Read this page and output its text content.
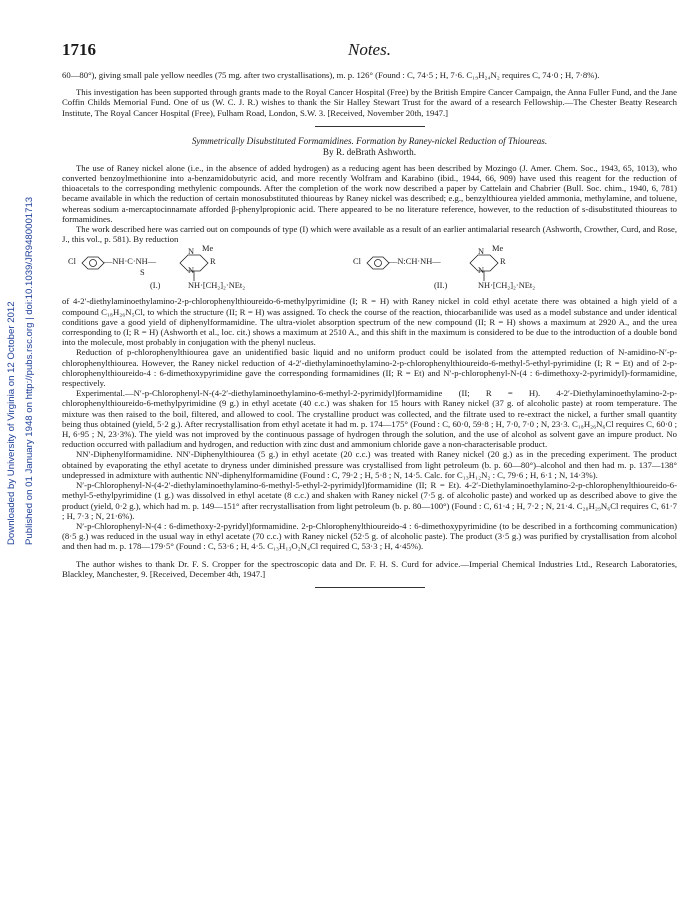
Downloaded by University of Virginia on 12 October 2012 Published on 01 January 1948 on http://pubs.rsc.org | doi:10.1039/JR9480001713
1716	Notes.

60—80°), giving small pale yellow needles (75 mg. after two crystallisations), m. p. 126° (Found : C, 74·5 ; H, 7·6. C₁₉H₂₄N₂ requires C, 74·0 ; H, 7·8%).

This investigation has been supported through grants made to the Royal Cancer Hospital (Free) by the British Empire Cancer Campaign, the Anna Fuller Fund, and the Jane Coffin Childs Memorial Fund. One of us (W. C. J. R.) wishes to thank the Sir Halley Stewart Trust for the award of a research Fellowship.—The Chester Beatty Research Institute, The Royal Cancer Hospital (Free), Fulham Road, London, S.W. 3. [Received, November 20th, 1947.]

Symmetrically Disubstituted Formamidines. Formation by Raney-nickel Reduction of Thioureas.
By R. deBrath Ashworth.

The use of Raney nickel alone (i.e., in the absence of added hydrogen) as a reducing agent has been described by Mozingo (J. Amer. Chem. Soc., 1943, 65, 1013), who converted benzoylmethionine into a-benzamidobutyric acid, and more recently Wolfram and Karabino (ibid., 1944, 66, 909) have used this reagent for the reduction of thioacetals to the corresponding methylenic compounds. After the completion of the work now described a paper by Cattelain and Chabrier (Bull. Soc. chim., 1940, 6, 781) became available in which the reduction of certain monosubstituted thioureas by Raney nickel was described; e.g., benzylthiourea yielded ammonia, methylamine, and toluene, whereas sodium a-mercaptocinnamate afforded β-phenylpropionic acid. There appeared to be no literature reference, however, to the reduction of s-disubstituted thioureas to formamidines.

The work described here was carried out on compounds of type (I) which were available as a result of an earlier antimalarial research (Ashworth, Crowther, Curd, and Rose, J., this vol., p. 581). By reduction

Cl	—NH·C·NH—
S
N Me
N
R
NH·[CH₂]₂·NEt₂
(I.)
Cl	—N:CH·NH—
N Me
N
R
NH·[CH₂]₂·NEt₂
(II.)

of 4-2′-diethylaminoethylamino-2-p-chlorophenylthioureido-6-methylpyrimidine (I; R = H) with Raney nickel in cold ethyl acetate there was obtained a high yield of a compound C₁₈H₂₆N₅Cl, to which the structure (II; R = H) was assigned. To check the course of the reaction, thiocarbanilide was used as a model substance and under identical conditions gave a good yield of diphenylformamidine. The ultra-violet absorption spectrum of the new compound (II; R = H) shows a maximum at 2920 A., and the urea corresponding to (I; R = H) (Ashworth et al., loc. cit.) shows a maximum at 2510 A., and this shift in the maximum is considered to be due to the introduction of a double bond into the molecule, most probably in conjugation with the phenyl nucleus.

Reduction of p-chlorophenylthiourea gave an unidentified basic liquid and no uniform product could be isolated from the attempted reduction of N-amidino-N′-p-chlorophenylthiourea. However, the Raney nickel reduction of 4-2′-diethylaminoethylamino-2-p-chlorophenylthioureido-6-methyl-5-ethyl-pyrimidine (I; R = Et) and of 2-p-chlorophenylthioureido-4 : 6-dimethoxypyrimidine gave the corresponding formamidines (II; R = Et) and N′-p-chlorophenyl-N-(4 : 6-dimethoxy-2-pyrimidyl)-formamidine, respectively.

Experimental.—N′-p-Chlorophenyl-N-(4-2′-diethylaminoethylamino-6-methyl-2-pyrimidyl)formamidine (II; R = H). 4-2′-Diethylaminoethylamino-2-p-chlorophenylthioureido-6-methylpyrimidine (9 g.) in ethyl acetate (40 c.c.) was shaken for 15 hours with Raney nickel (37 g. of alcoholic paste) at room temperature. The mixture was then raised to the boil, filtered, and allowed to cool. The crystalline product was collected, and the filtrate used to re-extract the nickel, a further small quantity being thus obtained (yield, 5·2 g.). After recrystallisation from ethyl acetate it had m. p. 174—175° (Found : C, 60·0, 59·8 ; H, 7·0, 7·0 ; N, 23·3. C₁₈H₂₆N₆Cl requires C, 60·0 ; H, 6·95 ; N, 23·3%). The yield was not improved by the continuous passage of hydrogen through the solution, and the use of alcohol as solvent gave an impure product. No reduction occurred with palladium and hydrogen, and reduction with zinc dust and ammonium chloride gave a non-characterisable product.

NN′-Diphenylformamidine. NN′-Diphenylthiourea (5 g.) in ethyl acetate (20 c.c.) was treated with Raney nickel (20 g.) as in the preceding experiment. The product obtained by evaporating the ethyl acetate to dryness under diminished pressure was crystallised from light petroleum (b. p. 60—80°)–alcohol and then had m. p. 137—138° undepressed in admixture with authentic NN′-diphenylformamidine (Found : C, 79·2 ; H, 5·8 ; N, 14·5. Calc. for C₁₃H₁₂N₂ : C, 79·6 ; H, 6·1 ; N, 14·3%).

N′-p-Chlorophenyl-N-(4-2′-diethylaminoethylamino-6-methyl-5-ethyl-2-pyrimidyl)formamidine (II; R = Et). 4-2′-Diethylaminoethylamino-2-p-chlorophenylthioureido-6-methyl-5-ethylpyrimidine (1 g.) was dissolved in ethyl acetate (8 c.c.) and shaken with Raney nickel (7·5 g. of alcoholic paste) and worked up as described above to give the product (yield, 0·2 g.), which had m. p. 149—151° after recrystallisation from light petroleum (b. p. 80—100°) (Found : C, 61·4 ; H, 7·2 ; N, 21·4. C₂₀H₂₉N₆Cl requires C, 61·7 ; H, 7·3 ; N, 21·6%).

N′-p-Chlorophenyl-N-(4 : 6-dimethoxy-2-pyridyl)formamidine. 2-p-Chlorophenylthioureido-4 : 6-dimethoxypyrimidine (to be described in a forthcoming communication) (8·5 g.) was reduced in the usual way in ethyl acetate (70 c.c.) with Raney nickel (52·5 g. of alcoholic paste). The product (3·5 g.) was purified by crystallisation from alcohol and then had m. p. 178—179·5° (Found : C, 53·6 ; H, 4·5. C₁₃H₁₃O₂N₄Cl required C, 53·3 ; H, 4·45%).

The author wishes to thank Dr. F. S. Cropper for the spectroscopic data and Dr. F. H. S. Curd for advice.—Imperial Chemical Industries Ltd., Research Laboratories, Blackley, Manchester, 9. [Received, December 4th, 1947.]
